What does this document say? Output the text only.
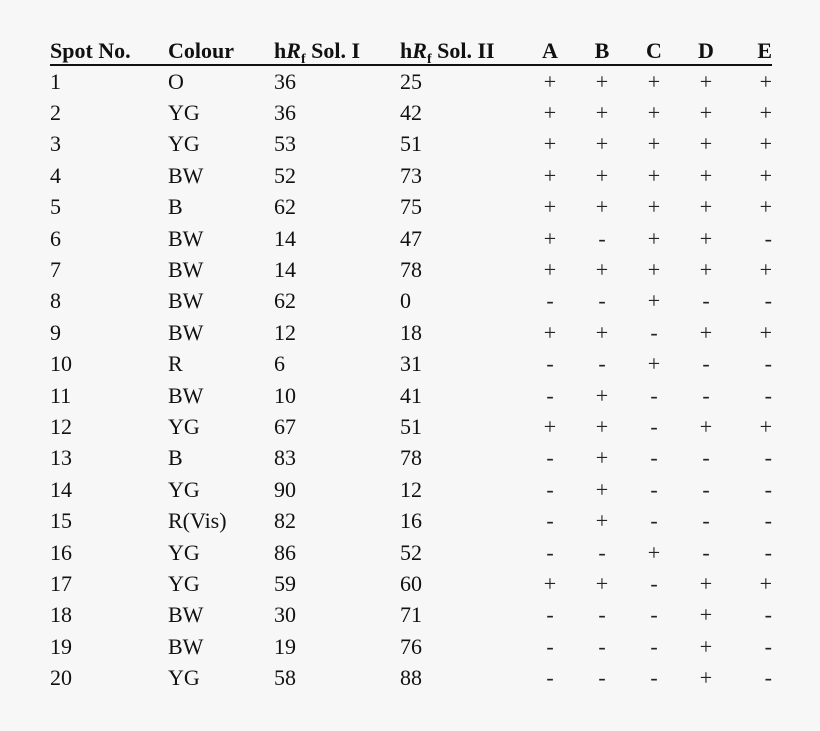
Spot No.	Colour	$hR_f$ Sol. I	$hR_f$ Sol. II	A	B	C	D	E
1	O	36	25	+	+	+	+	+
2	YG	36	42	+	+	+	+	+
3	YG	53	51	+	+	+	+	+
4	BW	52	73	+	+	+	+	+
5	B	62	75	+	+	+	+	+
6	BW	14	47	+	-	+	+	-
7	BW	14	78	+	+	+	+	+
8	BW	62	0	-	-	+	-	-
9	BW	12	18	+	+	-	+	+
10	R	6	31	-	-	+	-	-
11	BW	10	41	-	+	-	-	-
12	YG	67	51	+	+	-	+	+
13	B	83	78	-	+	-	-	-
14	YG	90	12	-	+	-	-	-
15	R(Vis)	82	16	-	+	-	-	-
16	YG	86	52	-	-	+	-	-
17	YG	59	60	+	+	-	+	+
18	BW	30	71	-	-	-	+	-
19	BW	19	76	-	-	-	+	-
20	YG	58	88	-	-	-	+	-
